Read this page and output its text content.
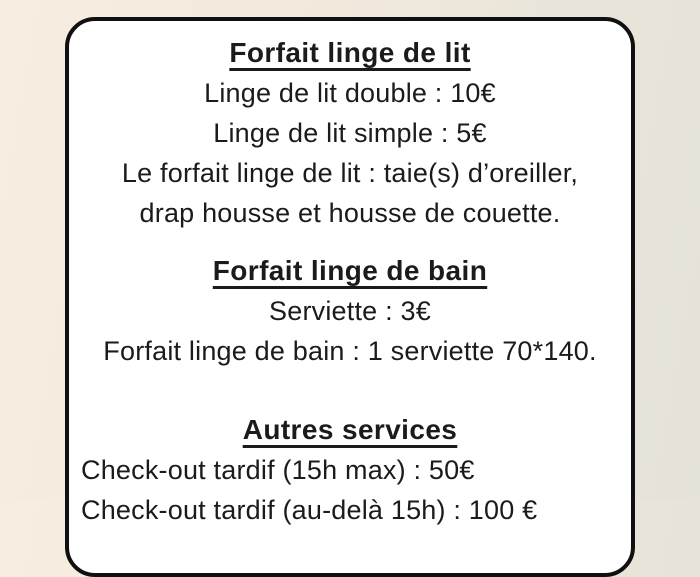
Forfait linge de lit

Linge de lit double : 10€

Linge de lit simple : 5€

Le forfait linge de lit : taie(s) d’oreiller,

drap housse et housse de couette.

Forfait linge de bain

Serviette : 3€

Forfait linge de bain : 1 serviette 70*140.

Autres services

Check-out tardif (15h max) : 50€

Check-out tardif (au-delà 15h) : 100 €
